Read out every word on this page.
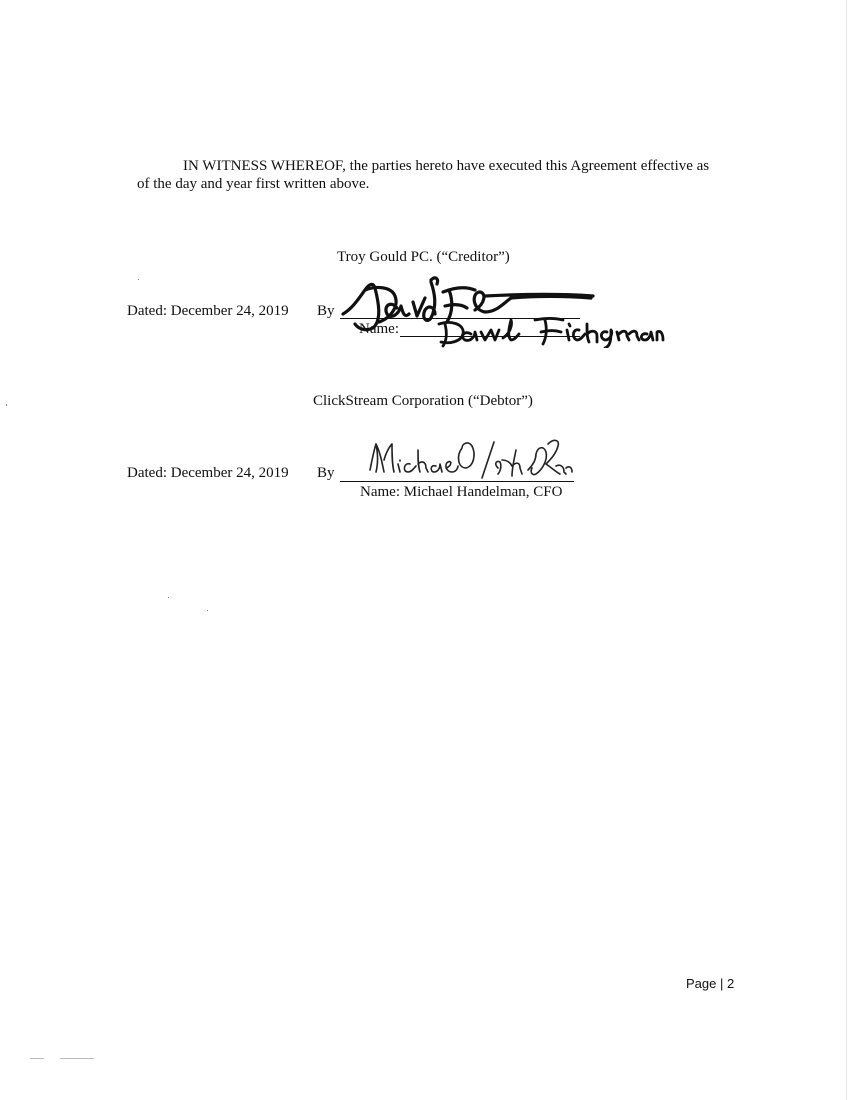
IN WITNESS WHEREOF, the parties hereto have executed this Agreement effective as
of the day and year first written above.
Troy Gould PC. (“Creditor”)
Dated: December 24, 2019 By
Name:
ClickStream Corporation (“Debtor”)
Dated: December 24, 2019 By
Name: Michael Handelman, CFO
Page | 2
